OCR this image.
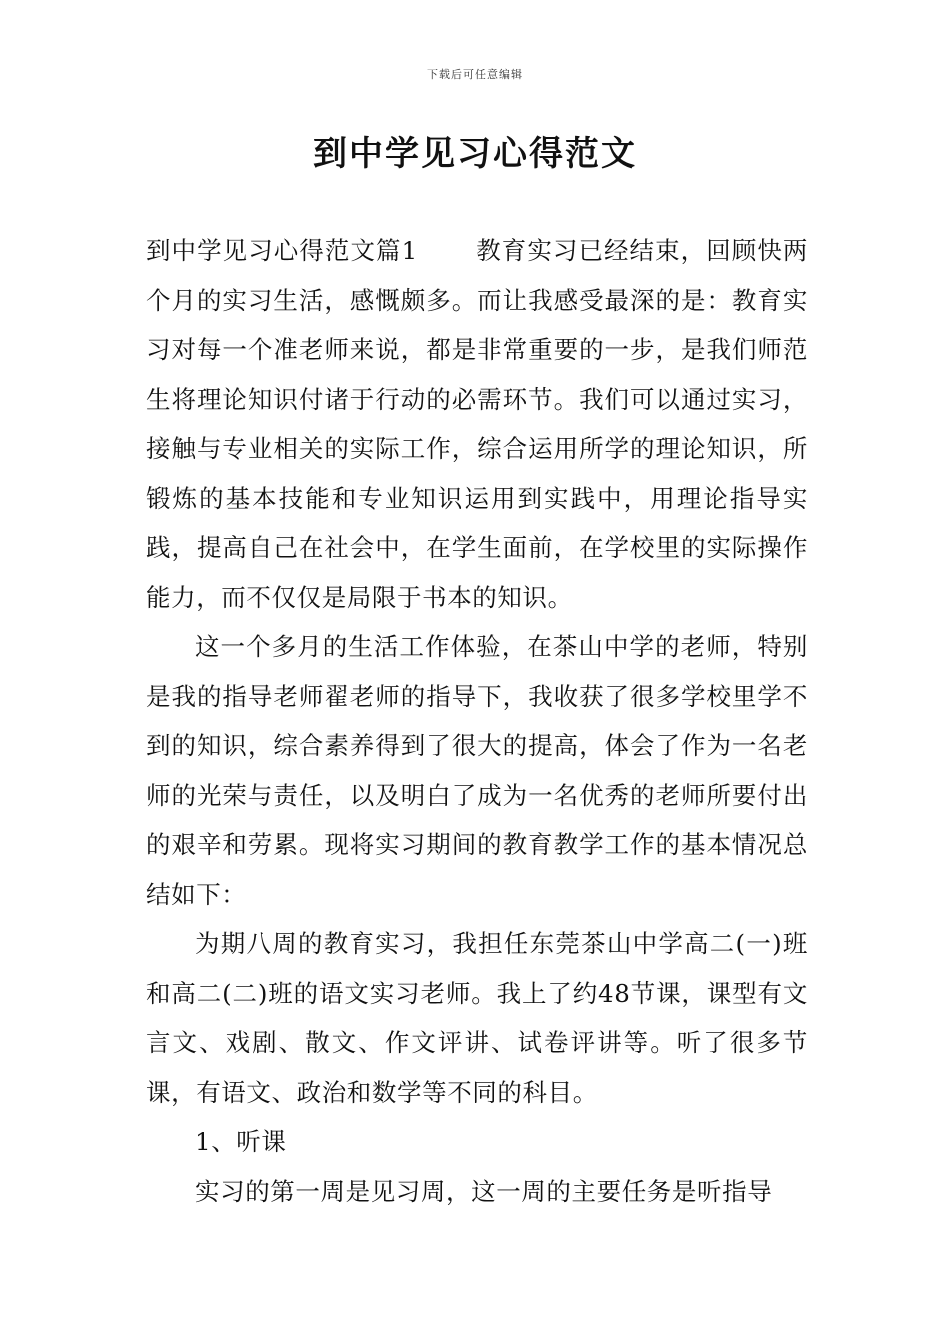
下载后可任意编辑
到中学见习心得范文

到中学见习心得范文篇1 教育实习已经结束，回顾快两个月的实习生活，感慨颇多。而让我感受最深的是：教育实习对每一个准老师来说，都是非常重要的一步，是我们师范生将理论知识付诸于行动的必需环节。我们可以通过实习，接触与专业相关的实际工作，综合运用所学的理论知识，所锻炼的基本技能和专业知识运用到实践中，用理论指导实践，提高自己在社会中，在学生面前，在学校里的实际操作能力，而不仅仅是局限于书本的知识。

这一个多月的生活工作体验，在茶山中学的老师，特别是我的指导老师翟老师的指导下，我收获了很多学校里学不到的知识，综合素养得到了很大的提高，体会了作为一名老师的光荣与责任，以及明白了成为一名优秀的老师所要付出的艰辛和劳累。现将实习期间的教育教学工作的基本情况总结如下：

为期八周的教育实习，我担任东莞茶山中学高二(一)班和高二(二)班的语文实习老师。我上了约48节课，课型有文言文、戏剧、散文、作文评讲、试卷评讲等。听了很多节课，有语文、政治和数学等不同的科目。

1、听课

实习的第一周是见习周，这一周的主要任务是听指导
